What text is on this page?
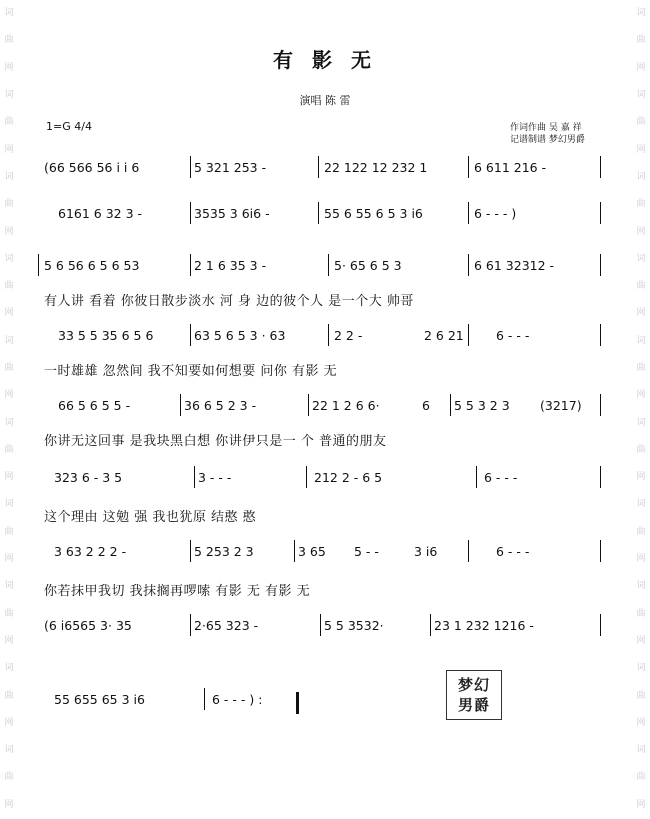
词
曲
网
词
曲
网
词
曲
网
词
曲
网
词
曲
网
词
曲
网
词
曲
网
词
曲
网
词
曲
网
词
曲
网
词
曲
网
词
曲
网
词
曲
网
词
曲
网
词
曲
网
词
曲
网
词
曲
网
词
曲
网
词
曲
网
词
曲
网
有 影 无
演唱 陈 雷
1=G 4/4	作词作曲 吴 嘉 祥
记谱制谱 梦幻男爵
(66 566 56 i i 6	5 321 253 -	22 122 12 232 1	6 611 216 -
6161 6 32 3 -	3535 3 6i6 -	55 6 55 6 5 3 i6	6 - - - )
5 6 56 6 5 6 53	2 1 6 35 3 -	5· 65 6 5 3	6 61 32312 -
有人讲 看着 你彼日散步淡水 河 身 边的彼个人 是一个大 帅哥
33 5 5 35 6 5 6	63 5 6 5 3 · 63	2 2 -	2 6 21	6 - - -
一时雄雄 忽然间 我不知要如何想要 问你 有影 无
66 5 6 5 5 -	36 6 5 2 3 -	22 1 2 6 6·	6 5 5 3 2 3 (3217)
你讲无这回事 是我块黑白想 你讲伊只是一 个 普通的朋友
323 6 - 3 5	3 - - -	212 2 - 6 5	6 - - -
这个理由 这勉 强 我也犹原 结憨 憨
3 63 2 2 2 -	5 253 2 3	3 65 5 - -	3 i6	6 - - -
你若抹甲我切 我抹搁再啰嗦 有影 无 有影 无
(6 i6565 3· 35	2·65 323 -	5 5 3532·	23 1 232 1216 -
55 655 65 3 i6	6 - - - ) :
梦幻
男爵
